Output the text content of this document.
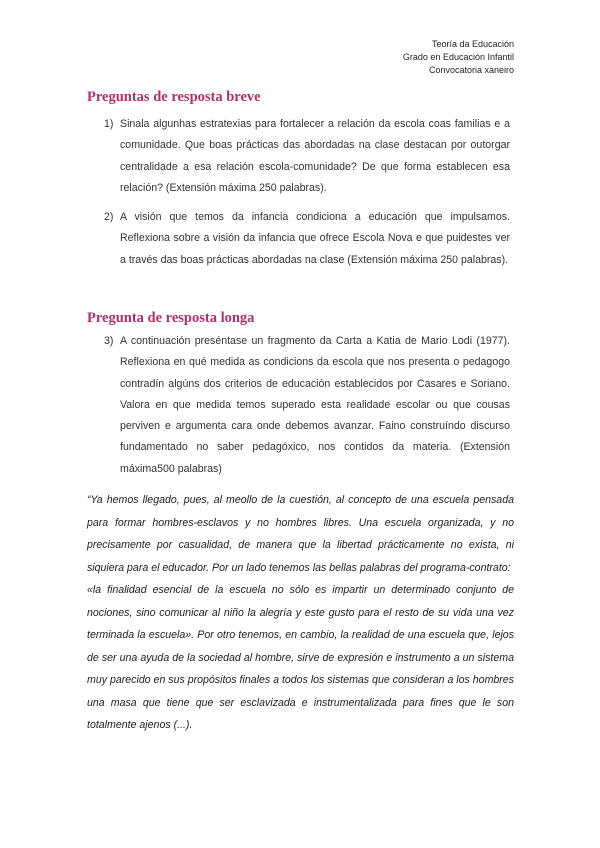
Teoría da Educación
Grado en Educación Infantil
Convocatoria xaneiro
Preguntas de resposta breve
1) Sinala algunhas estratexias para fortalecer a relación da escola coas familias e a comunidade. Que boas prácticas das abordadas na clase destacan por outorgar centralidade a esa relación escola-comunidade? De que forma establecen esa relación? (Extensión máxima 250 palabras).
2) A visión que temos da infancia condiciona a educación que impulsamos. Reflexiona sobre a visión da infancia que ofrece Escola Nova e que puidestes ver a través das boas prácticas abordadas na clase (Extensión máxima 250 palabras).
Pregunta de resposta longa
3) A continuación preséntase un fragmento da Carta a Katia de Mario Lodi (1977). Reflexiona en qué medida as condicions da escola que nos presenta o pedagogo contradín algúns dos criterios de educación establecidos por Casares e Soriano. Valora en que medida temos superado esta realidade escolar ou que cousas perviven e argumenta cara onde debemos avanzar. Faino construíndo discurso fundamentado no saber pedagóxico, nos contidos da materia. (Extensión máxima500 palabras)

“Ya hemos llegado, pues, al meollo de la cuestión, al concepto de una escuela pensada para formar hombres-esclavos y no hombres libres. Una escuela organizada, y no precisamente por casualidad, de manera que la libertad prácticamente no exista, ni siquiera para el educador. Por un lado tenemos las bellas palabras del programa-contrato:

«la finalidad esencial de la escuela no sólo es impartir un determinado conjunto de nociones, sino comunicar al niño la alegría y este gusto para el resto de su vida una vez terminada la escuela». Por otro tenemos, en cambio, la realidad de una escuela que, lejos de ser una ayuda de la sociedad al hombre, sirve de expresión e instrumento a un sistema muy parecido en sus propósitos finales a todos los sistemas que consideran a los hombres una masa que tiene que ser esclavizada e instrumentalizada para fines que le son totalmente ajenos (...).
